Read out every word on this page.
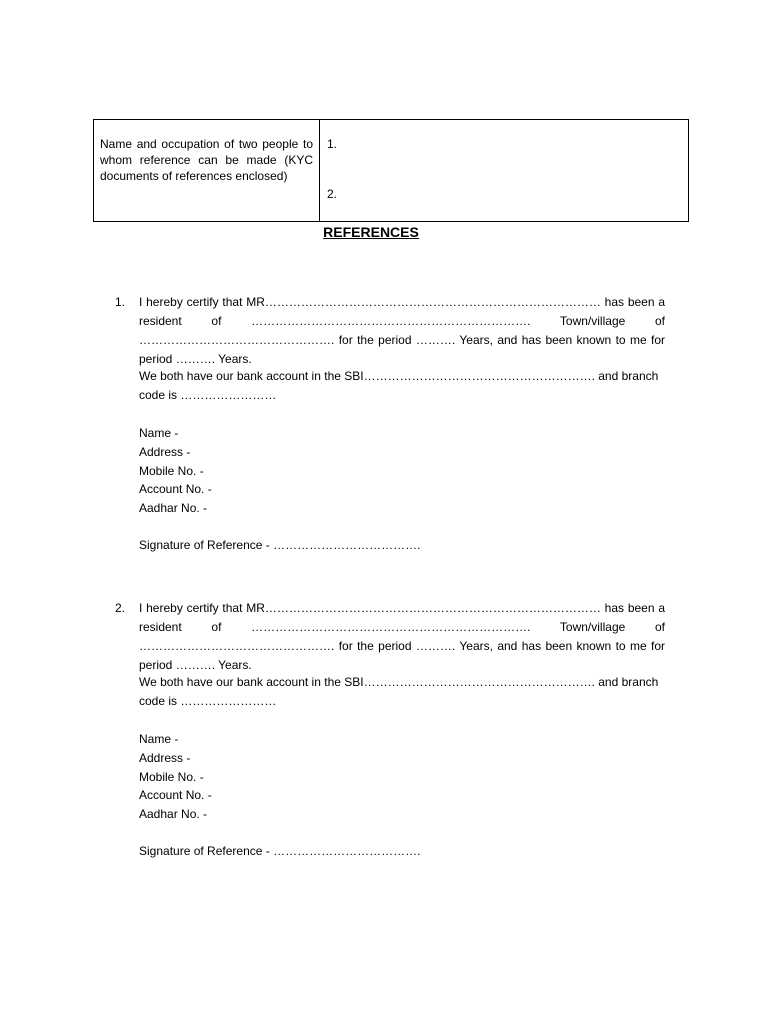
Name and occupation of two people to whom reference can be made (KYC documents of references enclosed)
1.
2.
REFERENCES
1. I hereby certify that MR………………………………………………………………………… has been a resident of ……………………………………………………………. Town/village of …………………………………………. for the period ………. Years, and has been known to me for period ………. Years.
We both have our bank account in the SBI…………………………………………………. and branch code is ……………………
Name -
Address -
Mobile No. -
Account No. -
Aadhar No. -
Signature of Reference - ……………………………….
2. I hereby certify that MR………………………………………………………………………… has been a resident of ……………………………………………………………. Town/village of …………………………………………. for the period ………. Years, and has been known to me for period ………. Years.
We both have our bank account in the SBI…………………………………………………. and branch code is ……………………
Name -
Address -
Mobile No. -
Account No. -
Aadhar No. -
Signature of Reference - ……………………………….
